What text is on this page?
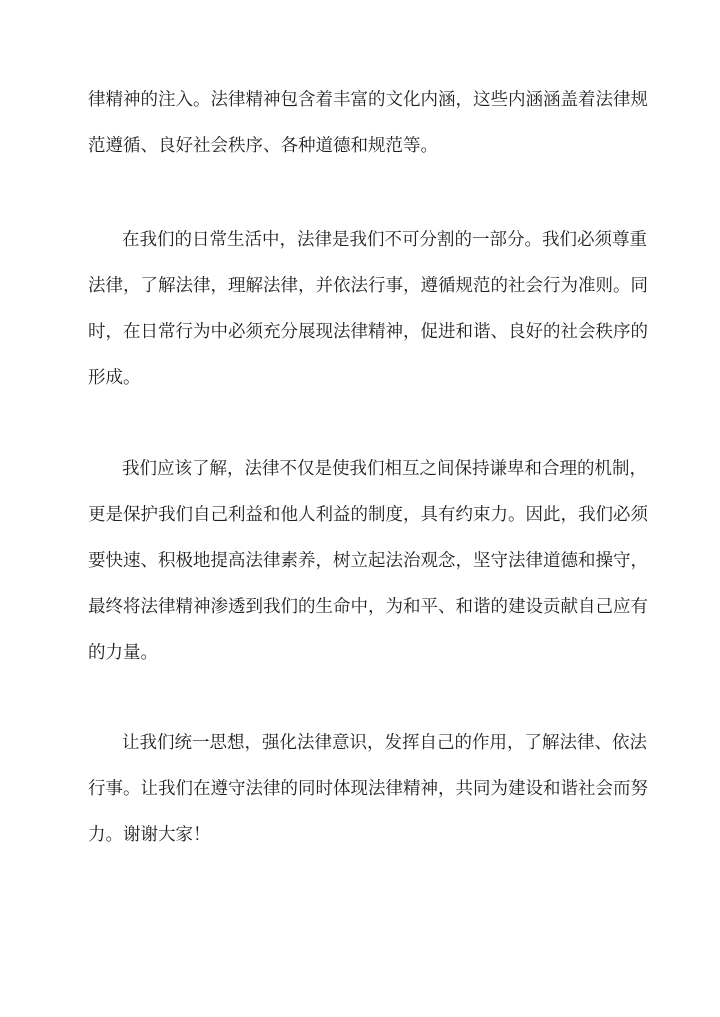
律精神的注入。法律精神包含着丰富的文化内涵，这些内涵涵盖着法律规
范遵循、良好社会秩序、各种道德和规范等。
在我们的日常生活中，法律是我们不可分割的一部分。我们必须尊重
法律，了解法律，理解法律，并依法行事，遵循规范的社会行为准则。同
时，在日常行为中必须充分展现法律精神，促进和谐、良好的社会秩序的
形成。
我们应该了解，法律不仅是使我们相互之间保持谦卑和合理的机制，
更是保护我们自己利益和他人利益的制度，具有约束力。因此，我们必须
要快速、积极地提高法律素养，树立起法治观念，坚守法律道德和操守，
最终将法律精神渗透到我们的生命中，为和平、和谐的建设贡献自己应有
的力量。
让我们统一思想，强化法律意识，发挥自己的作用，了解法律、依法
行事。让我们在遵守法律的同时体现法律精神，共同为建设和谐社会而努
力。谢谢大家！
